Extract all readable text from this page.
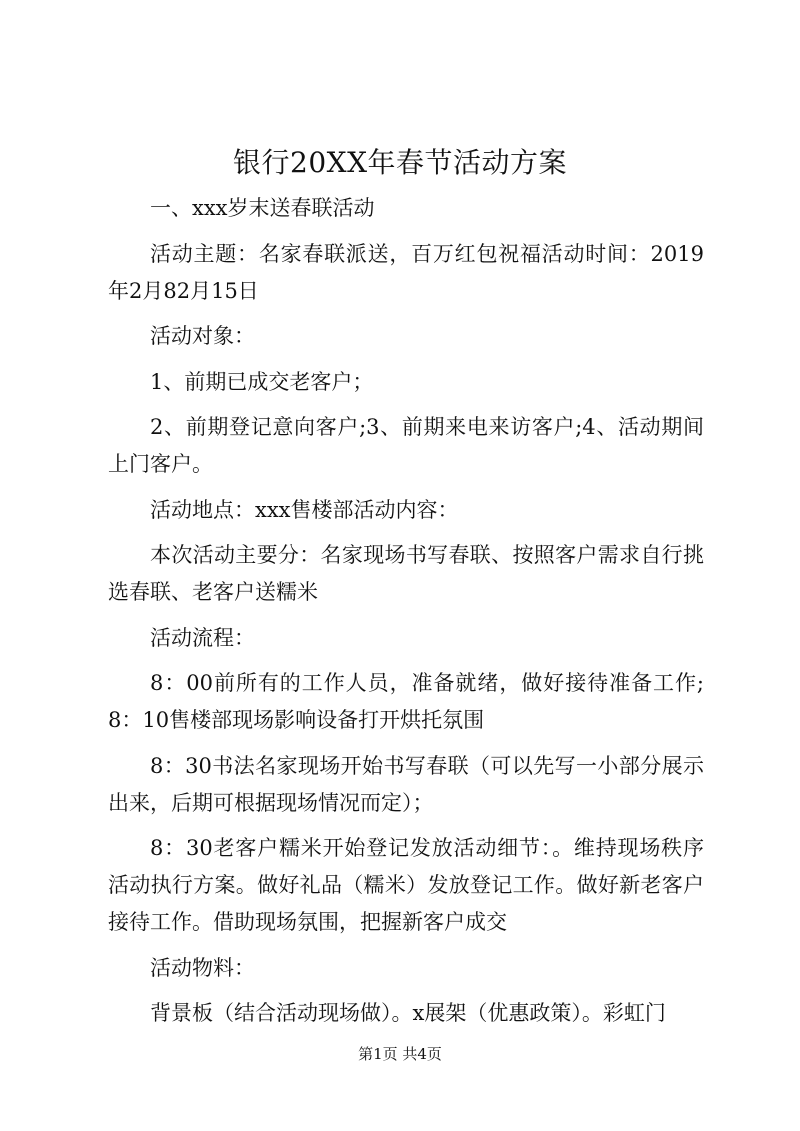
银行20XX年春节活动方案

一、xxx岁末送春联活动

活动主题：名家春联派送，百万红包祝福活动时间：2019年2月82月15日

活动对象：

1、前期已成交老客户；

2、前期登记意向客户;3、前期来电来访客户;4、活动期间上门客户。

活动地点：xxx售楼部活动内容：

本次活动主要分：名家现场书写春联、按照客户需求自行挑选春联、老客户送糯米

活动流程：

8：00前所有的工作人员，准备就绪，做好接待准备工作;8：10售楼部现场影响设备打开烘托氛围

8：30书法名家现场开始书写春联（可以先写一小部分展示出来，后期可根据现场情况而定）；

8：30老客户糯米开始登记发放活动细节：。维持现场秩序活动执行方案。做好礼品（糯米）发放登记工作。做好新老客户接待工作。借助现场氛围，把握新客户成交

活动物料：

背景板（结合活动现场做）。x展架（优惠政策）。彩虹门

第1页 共4页
